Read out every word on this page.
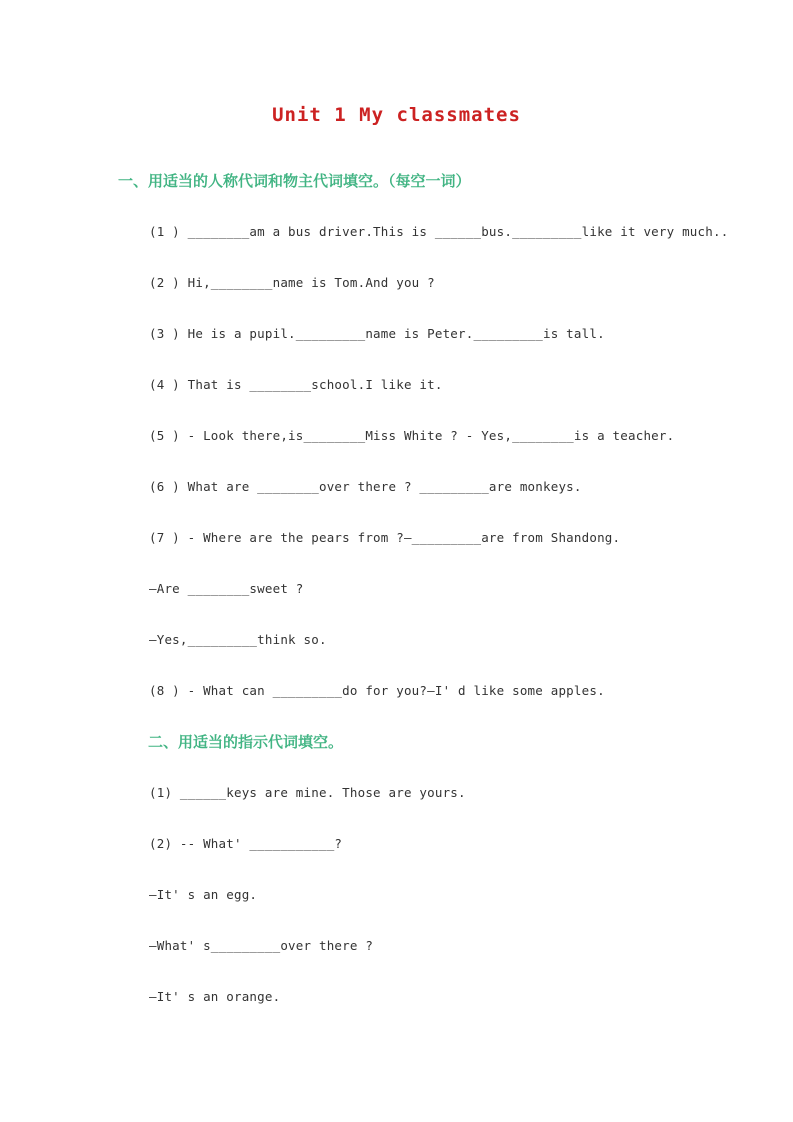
Unit 1 My classmates
一、用适当的人称代词和物主代词填空。（每空一词）
(1 ) ________am a bus driver.This is ______bus._________like it very much..
(2 ) Hi,________name is Tom.And you ?
(3 ) He is a pupil._________name is Peter._________is tall.
(4 ) That is ________school.I like it.
(5 ) - Look there,is________Miss White ? - Yes,________is a teacher.
(6 ) What are ________over there ? _________are monkeys.
(7 ) - Where are the pears from ?—_________are from Shandong.
—Are ________sweet ?
—Yes,_________think so.
(8 ) - What can _________do for you?—I' d like some apples.
二、用适当的指示代词填空。
(1) ______keys are mine. Those are yours.
(2) -- What' ___________?
—It' s an egg.
—What' s_________over there ?
—It' s an orange.
